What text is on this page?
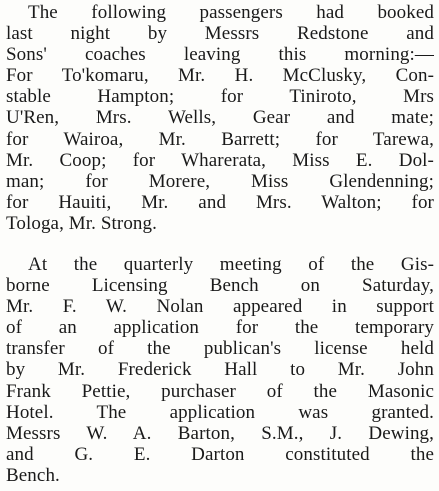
The following passengers had booked
last night by Messrs Redstone and
Sons' coaches leaving this morning:—
For To'komaru, Mr. H. McClusky, Con-
stable Hampton; for Tiniroto, Mrs
U'Ren, Mrs. Wells, Gear and mate;
for Wairoa, Mr. Barrett; for Tarewa,
Mr. Coop; for Wharerata, Miss E. Dol-
man; for Morere, Miss Glendenning;
for Hauiti, Mr. and Mrs. Walton; for
Tologa, Mr. Strong.

At the quarterly meeting of the Gis-
borne Licensing Bench on Saturday,
Mr. F. W. Nolan appeared in support
of an application for the temporary
transfer of the publican's license held
by Mr. Frederick Hall to Mr. John
Frank Pettie, purchaser of the Masonic
Hotel. The application was granted.
Messrs W. A. Barton, S.M., J. Dewing,
and G. E. Darton constituted the
Bench.
